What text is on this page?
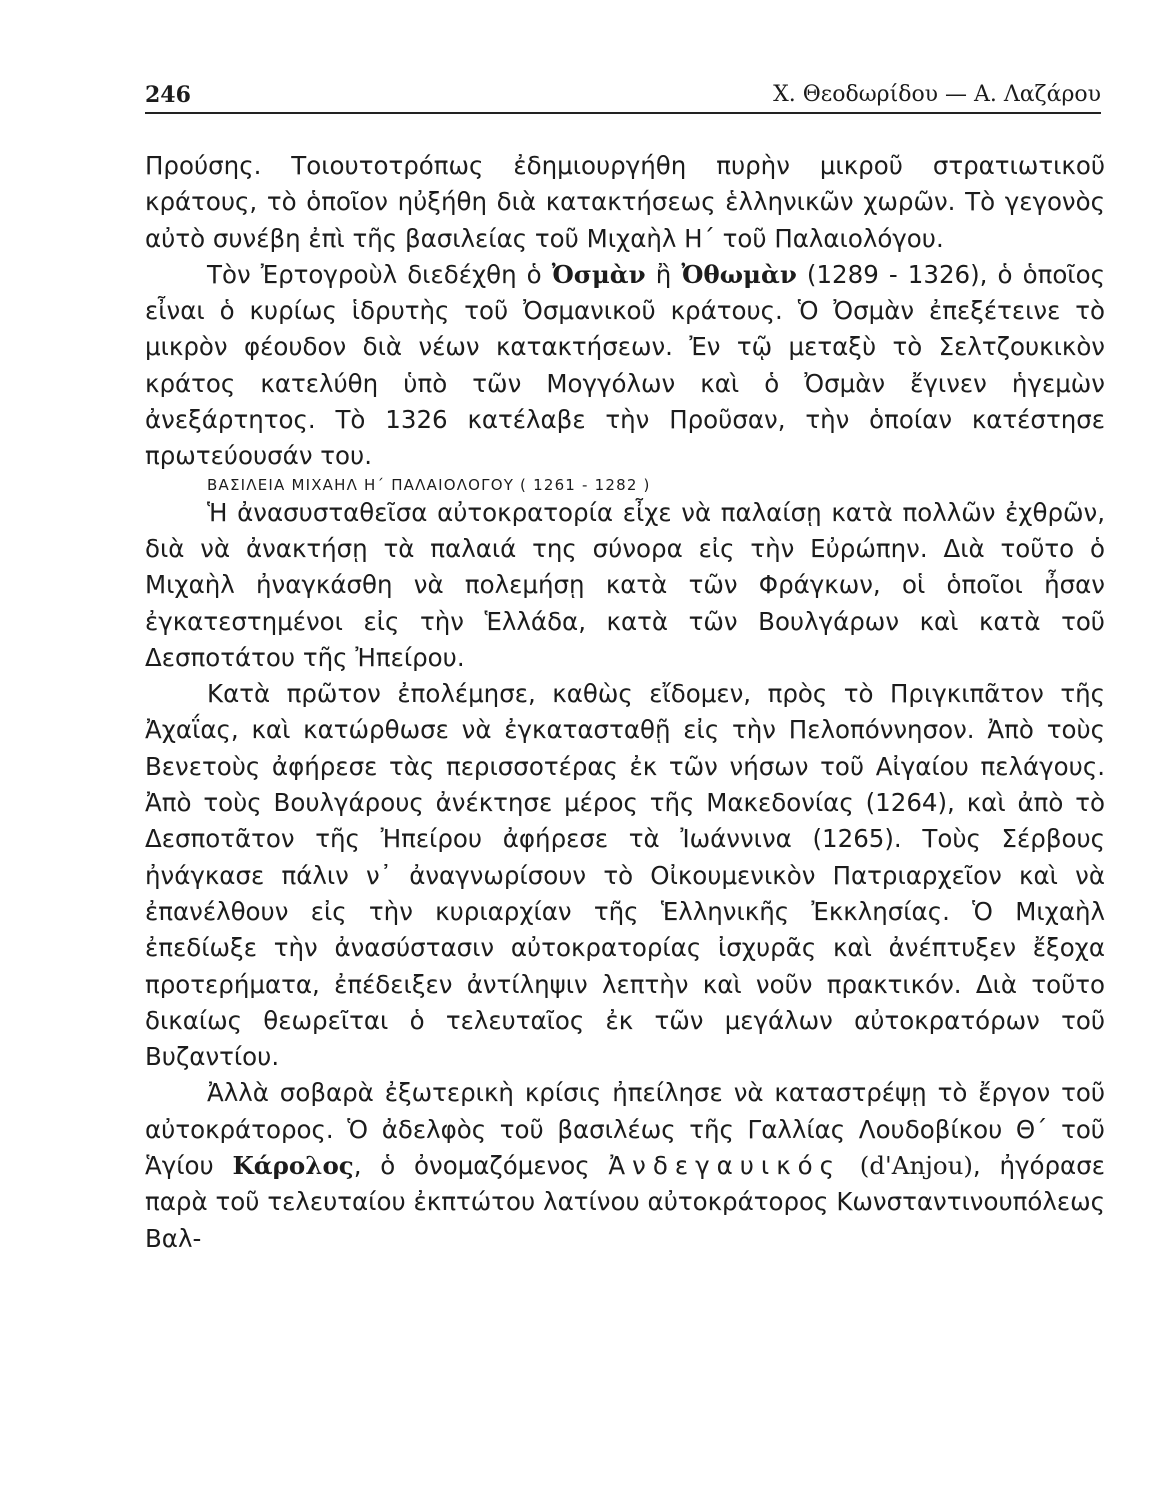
246	Χ. Θεοδωρίδου — Α. Λαζάρου

Προύσης. Τοιουτοτρόπως ἐδημιουργήθη πυρὴν μικροῦ στρατιωτικοῦ κράτους, τὸ ὁποῖον ηὐξήθη διὰ κατακτήσεως ἑλληνικῶν χωρῶν. Τὸ γεγονὸς αὐτὸ συνέβη ἐπὶ τῆς βασιλείας τοῦ Μιχαὴλ Η΄ τοῦ Παλαιολόγου.

Τὸν Ἐρτογροὺλ διεδέχθη ὁ Ὀσμὰν ἢ Ὀθωμὰν (1289 - 1326), ὁ ὁποῖος εἶναι ὁ κυρίως ἱδρυτὴς τοῦ Ὀσμανικοῦ κράτους. Ὁ Ὀσμὰν ἐπεξέτεινε τὸ μικρὸν φέουδον διὰ νέων κατακτήσεων. Ἐν τῷ μεταξὺ τὸ Σελτζουκικὸν κράτος κατελύθη ὑπὸ τῶν Μογγόλων καὶ ὁ Ὀσμὰν ἔγινεν ἡγεμὼν ἀνεξάρτητος. Τὸ 1326 κατέλαβε τὴν Προῦσαν, τὴν ὁποίαν κατέστησε πρωτεύουσάν του.

ΒΑΣΙΛΕΙΑ ΜΙΧΑΗΛ Η΄ ΠΑΛΑΙΟΛΟΓΟΥ ( 1261 - 1282 )

Ἡ ἀνασυσταθεῖσα αὐτοκρατορία εἶχε νὰ παλαίσῃ κατὰ πολλῶν ἐχθρῶν, διὰ νὰ ἀνακτήσῃ τὰ παλαιά της σύνορα εἰς τὴν Εὐρώπην. Διὰ τοῦτο ὁ Μιχαὴλ ἠναγκάσθη νὰ πολεμήσῃ κατὰ τῶν Φράγκων, οἱ ὁποῖοι ἦσαν ἐγκατεστημένοι εἰς τὴν Ἑλλάδα, κατὰ τῶν Βουλγάρων καὶ κατὰ τοῦ Δεσποτάτου τῆς Ἠπείρου.

Κατὰ πρῶτον ἐπολέμησε, καθὼς εἴδομεν, πρὸς τὸ Πριγκιπᾶτον τῆς Ἀχαΐας, καὶ κατώρθωσε νὰ ἐγκατασταθῇ εἰς τὴν Πελοπόννησον. Ἀπὸ τοὺς Βενετοὺς ἀφήρεσε τὰς περισσοτέρας ἐκ τῶν νήσων τοῦ Αἰγαίου πελάγους. Ἀπὸ τοὺς Βουλγάρους ἀνέκτησε μέρος τῆς Μακεδονίας (1264), καὶ ἀπὸ τὸ Δεσποτᾶτον τῆς Ἠπείρου ἀφήρεσε τὰ Ἰωάννινα (1265). Τοὺς Σέρβους ἠνάγκασε πάλιν ν᾽ ἀναγνωρίσουν τὸ Οἰκουμενικὸν Πατριαρχεῖον καὶ νὰ ἐπανέλθουν εἰς τὴν κυριαρχίαν τῆς Ἑλληνικῆς Ἐκκλησίας. Ὁ Μιχαὴλ ἐπεδίωξε τὴν ἀνασύστασιν αὐτοκρατορίας ἰσχυρᾶς καὶ ἀνέπτυξεν ἔξοχα προτερήματα, ἐπέδειξεν ἀντίληψιν λεπτὴν καὶ νοῦν πρακτικόν. Διὰ τοῦτο δικαίως θεωρεῖται ὁ τελευταῖος ἐκ τῶν μεγάλων αὐτοκρατόρων τοῦ Βυζαντίου.

Ἀλλὰ σοβαρὰ ἐξωτερικὴ κρίσις ἠπείλησε νὰ καταστρέψῃ τὸ ἔργον τοῦ αὐτοκράτορος. Ὁ ἀδελφὸς τοῦ βασιλέως τῆς Γαλλίας Λουδοβίκου Θ΄ τοῦ Ἁγίου Κάρολος, ὁ ὀνομαζόμενος Ἀνδεγαυικός (d'Anjou), ἠγόρασε παρὰ τοῦ τελευταίου ἐκπτώτου λατίνου αὐτοκράτορος Κωνσταντινουπόλεως Βαλ-
